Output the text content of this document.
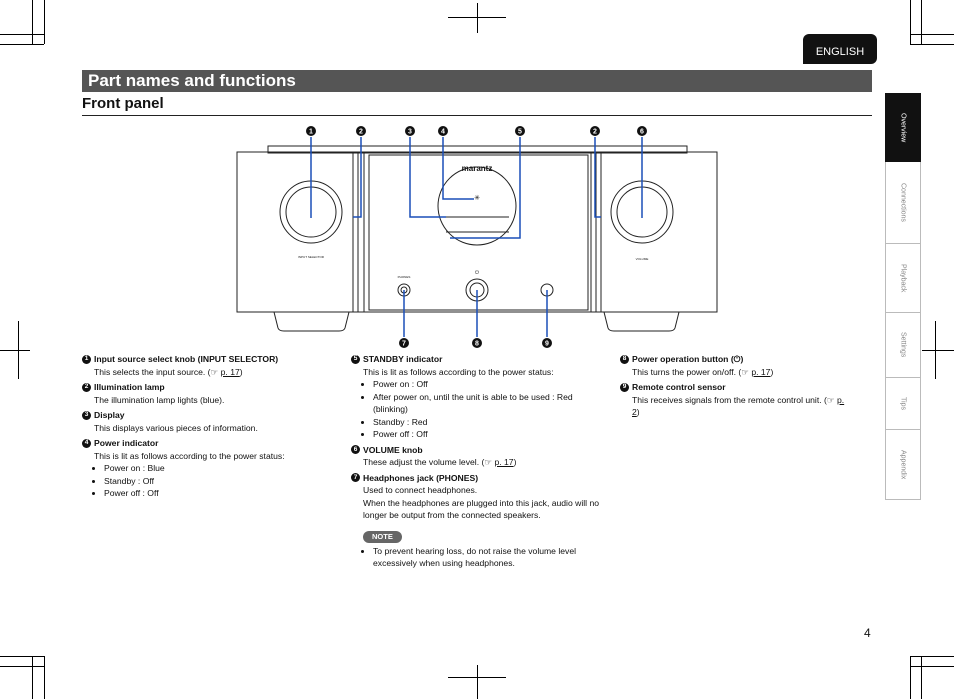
ENGLISH
Part names and functions
Front panel
Overview
Connections
Playback
Settings
Tips
Appendix
marantz
INPUT SELECTOR	VOLUME
PHONES
⏻
✳
1	2	3	4	5	2	6
7	8	9
1 Input source select knob (INPUT SELECTOR)
This selects the input source. (☞ p. 17)
2 Illumination lamp
The illumination lamp lights (blue).
3 Display
This displays various pieces of information.
4 Power indicator
This is lit as follows according to the power status:
• Power on : Blue
• Standby : Off
• Power off : Off
5 STANDBY indicator
This is lit as follows according to the power status:
• Power on : Off
• After power on, until the unit is able to be used : Red (blinking)
• Standby : Red
• Power off : Off
6 VOLUME knob
These adjust the volume level. (☞ p. 17)
7 Headphones jack (PHONES)
Used to connect headphones.
When the headphones are plugged into this jack, audio will no longer be output from the connected speakers.
NOTE
• To prevent hearing loss, do not raise the volume level excessively when using headphones.
8 Power operation button (⏻)
This turns the power on/off. (☞ p. 17)
9 Remote control sensor
This receives signals from the remote control unit. (☞ p. 2)
4
